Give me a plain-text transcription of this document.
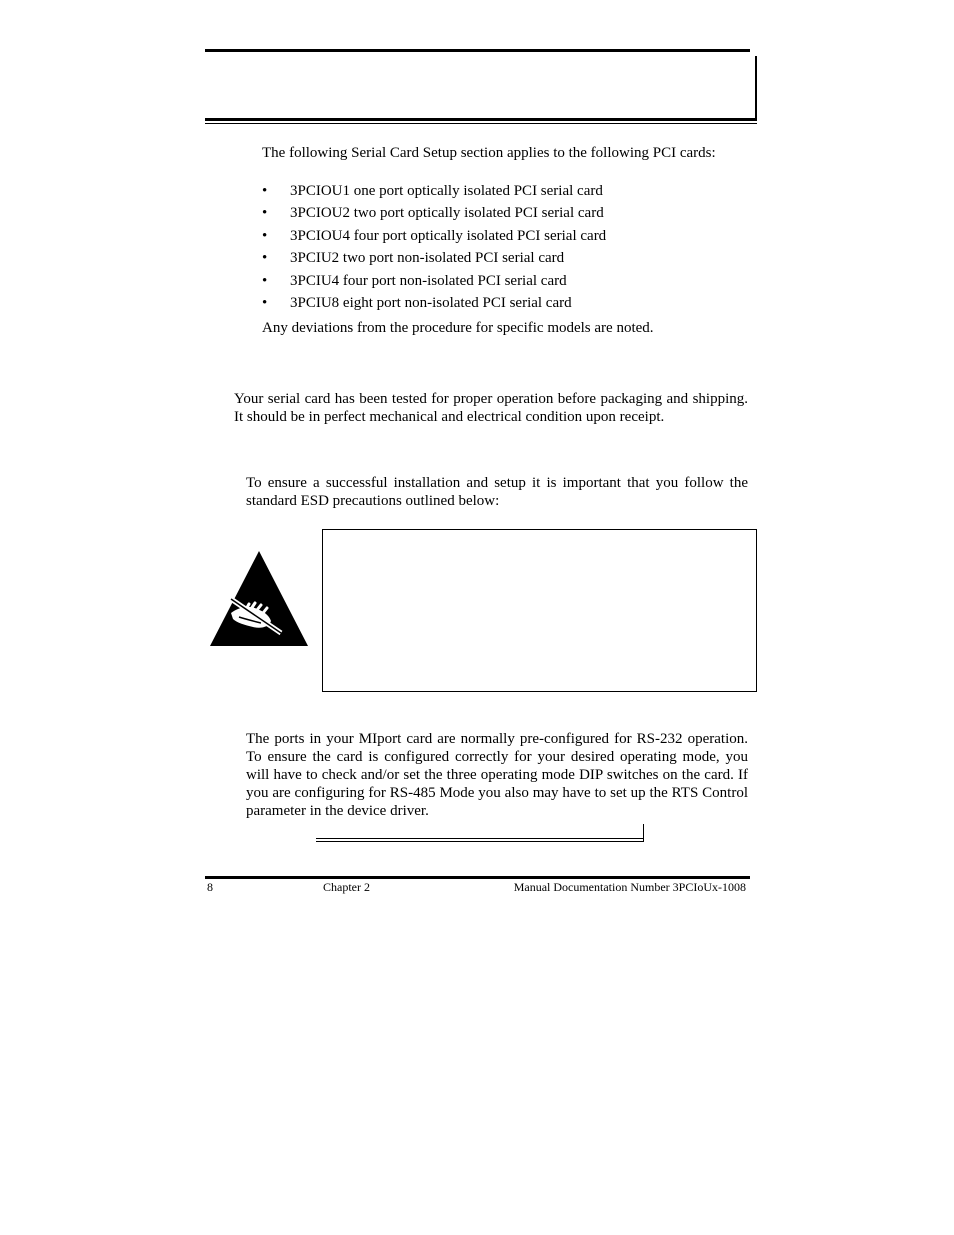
The following Serial Card Setup section applies to the following PCI cards:
• 3PCIOU1 one port optically isolated PCI serial card
• 3PCIOU2 two port optically isolated PCI serial card
• 3PCIOU4 four port optically isolated PCI serial card
• 3PCIU2 two port non-isolated PCI serial card
• 3PCIU4 four port non-isolated PCI serial card
• 3PCIU8 eight port non-isolated PCI serial card
Any deviations from the procedure for specific models are noted.
Your serial card has been tested for proper operation before packaging and shipping. It should be in perfect mechanical and electrical condition upon receipt.
To ensure a successful installation and setup it is important that you follow the standard ESD precautions outlined below:
The ports in your MIport card are normally pre-configured for RS-232 operation. To ensure the card is configured correctly for your desired operating mode, you will have to check and/or set the three operating mode DIP switches on the card. If you are configuring for RS-485 Mode you also may have to set up the RTS Control parameter in the device driver.
8	Chapter 2	Manual Documentation Number 3PCIoUx-1008
